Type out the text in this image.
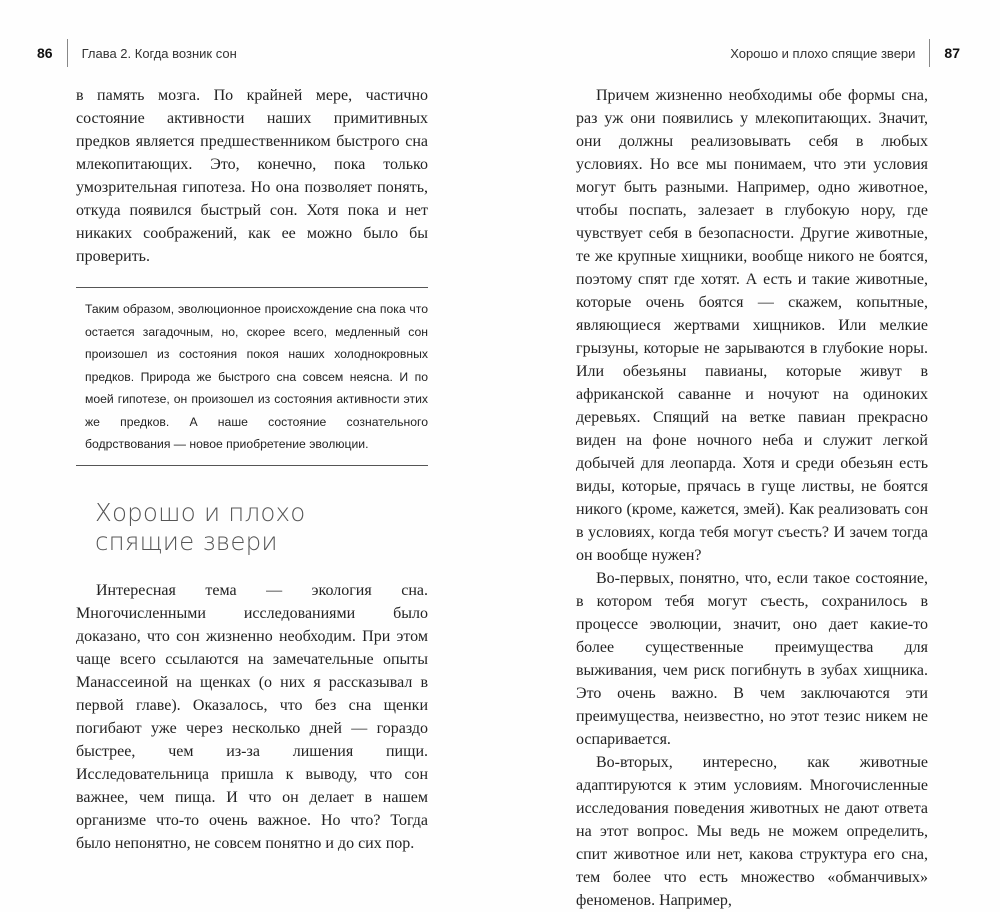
86 Глава 2. Когда возник сон	Хорошо и плохо спящие звери 87

в память мозга. По крайней мере, частично состояние активности наших примитивных предков является предшественником быстрого сна млекопитающих. Это, конечно, пока только умозрительная гипотеза. Но она позволяет понять, откуда появился быстрый сон. Хотя пока и нет никаких соображений, как ее можно было бы проверить.

Таким образом, эволюционное происхождение сна пока что остается загадочным, но, скорее всего, медленный сон произошел из состояния покоя наших холоднокровных предков. Природа же быстрого сна совсем неясна. И по моей гипотезе, он произошел из состояния активности этих же предков. А наше состояние сознательного бодрствования — новое приобретение эволюции.

Хорошо и плохо
спящие звери

Интересная тема — экология сна. Многочисленными исследованиями было доказано, что сон жизненно необходим. При этом чаще всего ссылаются на замечательные опыты Манассеиной на щенках (о них я рассказывал в первой главе). Оказалось, что без сна щенки погибают уже через несколько дней — гораздо быстрее, чем из-за лишения пищи. Исследовательница пришла к выводу, что сон важнее, чем пища. И что он делает в нашем организме что-то очень важное. Но что? Тогда было непонятно, не совсем понятно и до сих пор.

Причем жизненно необходимы обе формы сна, раз уж они появились у млекопитающих. Значит, они должны реализовывать себя в любых условиях. Но все мы понимаем, что эти условия могут быть разными. Например, одно животное, чтобы поспать, залезает в глубокую нору, где чувствует себя в безопасности. Другие животные, те же крупные хищники, вообще никого не боятся, поэтому спят где хотят. А есть и такие животные, которые очень боятся — скажем, копытные, являющиеся жертвами хищников. Или мелкие грызуны, которые не зарываются в глубокие норы. Или обезьяны павианы, которые живут в африканской саванне и ночуют на одиноких деревьях. Спящий на ветке павиан прекрасно виден на фоне ночного неба и служит легкой добычей для леопарда. Хотя и среди обезьян есть виды, которые, прячась в гуще листвы, не боятся никого (кроме, кажется, змей). Как реализовать сон в условиях, когда тебя могут съесть? И зачем тогда он вообще нужен?

Во-первых, понятно, что, если такое состояние, в котором тебя могут съесть, сохранилось в процессе эволюции, значит, оно дает какие-то более существенные преимущества для выживания, чем риск погибнуть в зубах хищника. Это очень важно. В чем заключаются эти преимущества, неизвестно, но этот тезис никем не оспаривается.

Во-вторых, интересно, как животные адаптируются к этим условиям. Многочисленные исследования поведения животных не дают ответа на этот вопрос. Мы ведь не можем определить, спит животное или нет, какова структура его сна, тем более что есть множество «обманчивых» феноменов. Например,
